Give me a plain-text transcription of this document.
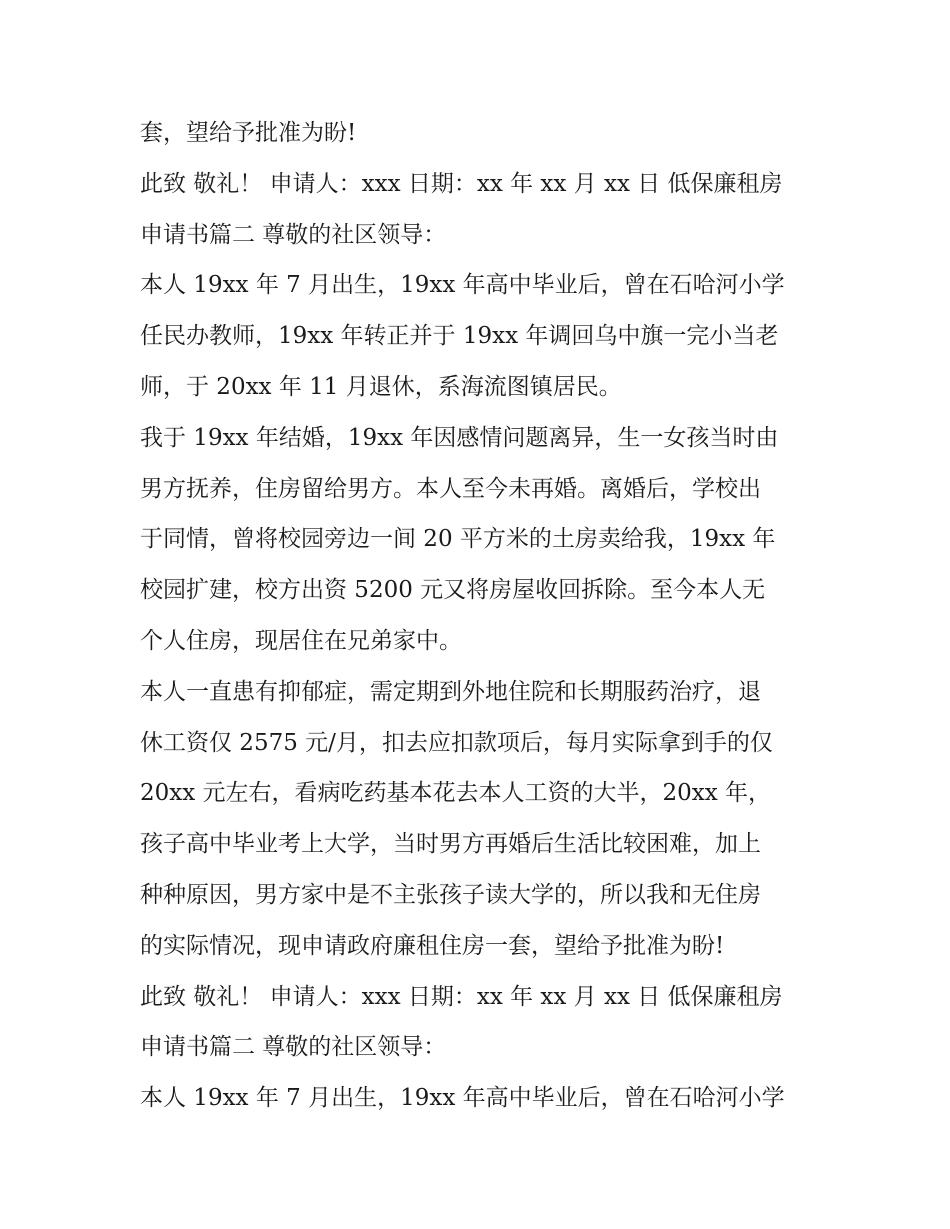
套，望给予批准为盼!

此致 敬礼！ 申请人：xxx 日期：xx 年 xx 月 xx 日 低保廉租房

申请书篇二 尊敬的社区领导：

本人 19xx 年 7 月出生，19xx 年高中毕业后，曾在石哈河小学

任民办教师，19xx 年转正并于 19xx 年调回乌中旗一完小当老

师，于 20xx 年 11 月退休，系海流图镇居民。

我于 19xx 年结婚，19xx 年因感情问题离异，生一女孩当时由

男方抚养，住房留给男方。本人至今未再婚。离婚后，学校出

于同情，曾将校园旁边一间 20 平方米的土房卖给我，19xx 年

校园扩建，校方出资 5200 元又将房屋收回拆除。至今本人无

个人住房，现居住在兄弟家中。

本人一直患有抑郁症，需定期到外地住院和长期服药治疗，退

休工资仅 2575 元/月，扣去应扣款项后，每月实际拿到手的仅

20xx 元左右，看病吃药基本花去本人工资的大半，20xx 年，

孩子高中毕业考上大学，当时男方再婚后生活比较困难，加上

种种原因，男方家中是不主张孩子读大学的，所以我和无住房

的实际情况，现申请政府廉租住房一套，望给予批准为盼!

此致 敬礼！ 申请人：xxx 日期：xx 年 xx 月 xx 日 低保廉租房

申请书篇二 尊敬的社区领导：

本人 19xx 年 7 月出生，19xx 年高中毕业后，曾在石哈河小学
